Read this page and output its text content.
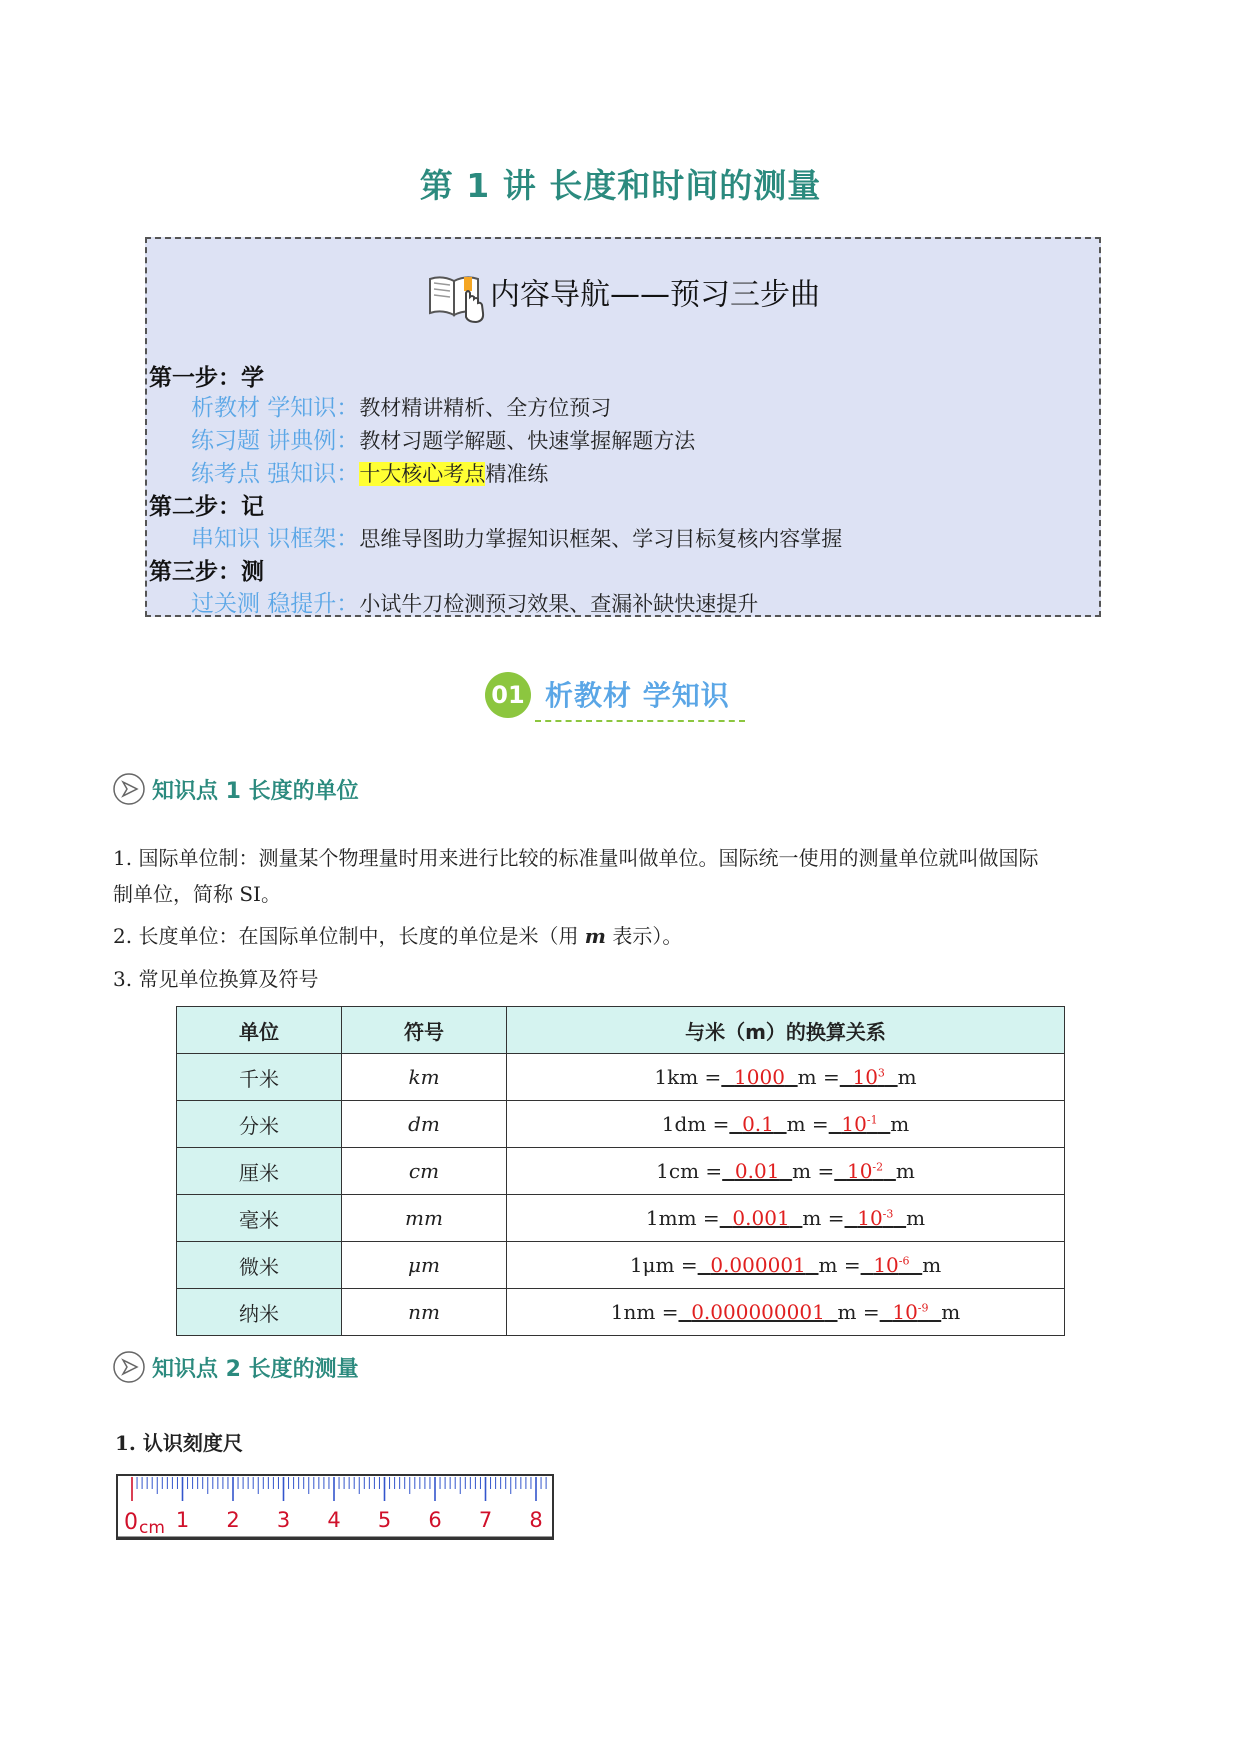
第 1 讲 长度和时间的测量
内容导航——预习三步曲
第一步：学
析教材 学知识：教材精讲精析、全方位预习
练习题 讲典例：教材习题学解题、快速掌握解题方法
练考点 强知识：十大核心考点精准练
第二步：记
串知识 识框架：思维导图助力掌握知识框架、学习目标复核内容掌握
第三步：测
过关测 稳提升：小试牛刀检测预习效果、查漏补缺快速提升
01 析教材 学知识
知识点 1 长度的单位
1. 国际单位制：测量某个物理量时用来进行比较的标准量叫做单位。国际统一使用的测量单位就叫做国际
制单位，简称 SI。
2. 长度单位：在国际单位制中，长度的单位是米（用 m 表示）。
3. 常见单位换算及符号
单位	符号	与米（m）的换算关系
千米	km	1km = 1000 $m = 10^3$ m
分米	dm	1dm = 0.1 $m = 10^{-1}$ m
厘米	cm	1cm = 0.01 $m = 10^{-2}$ m
毫米	mm	1mm = 0.001 $m = 10^{-3}$ m
微米	μm	1μm = 0.000001 $m = 10^{-6}$ m
纳米	nm	1nm = 0.000000001 $m = 10^{-9}$ m
知识点 2 长度的测量
1. 认识刻度尺
0 cm 1 2 3 4 5 6 7 8
